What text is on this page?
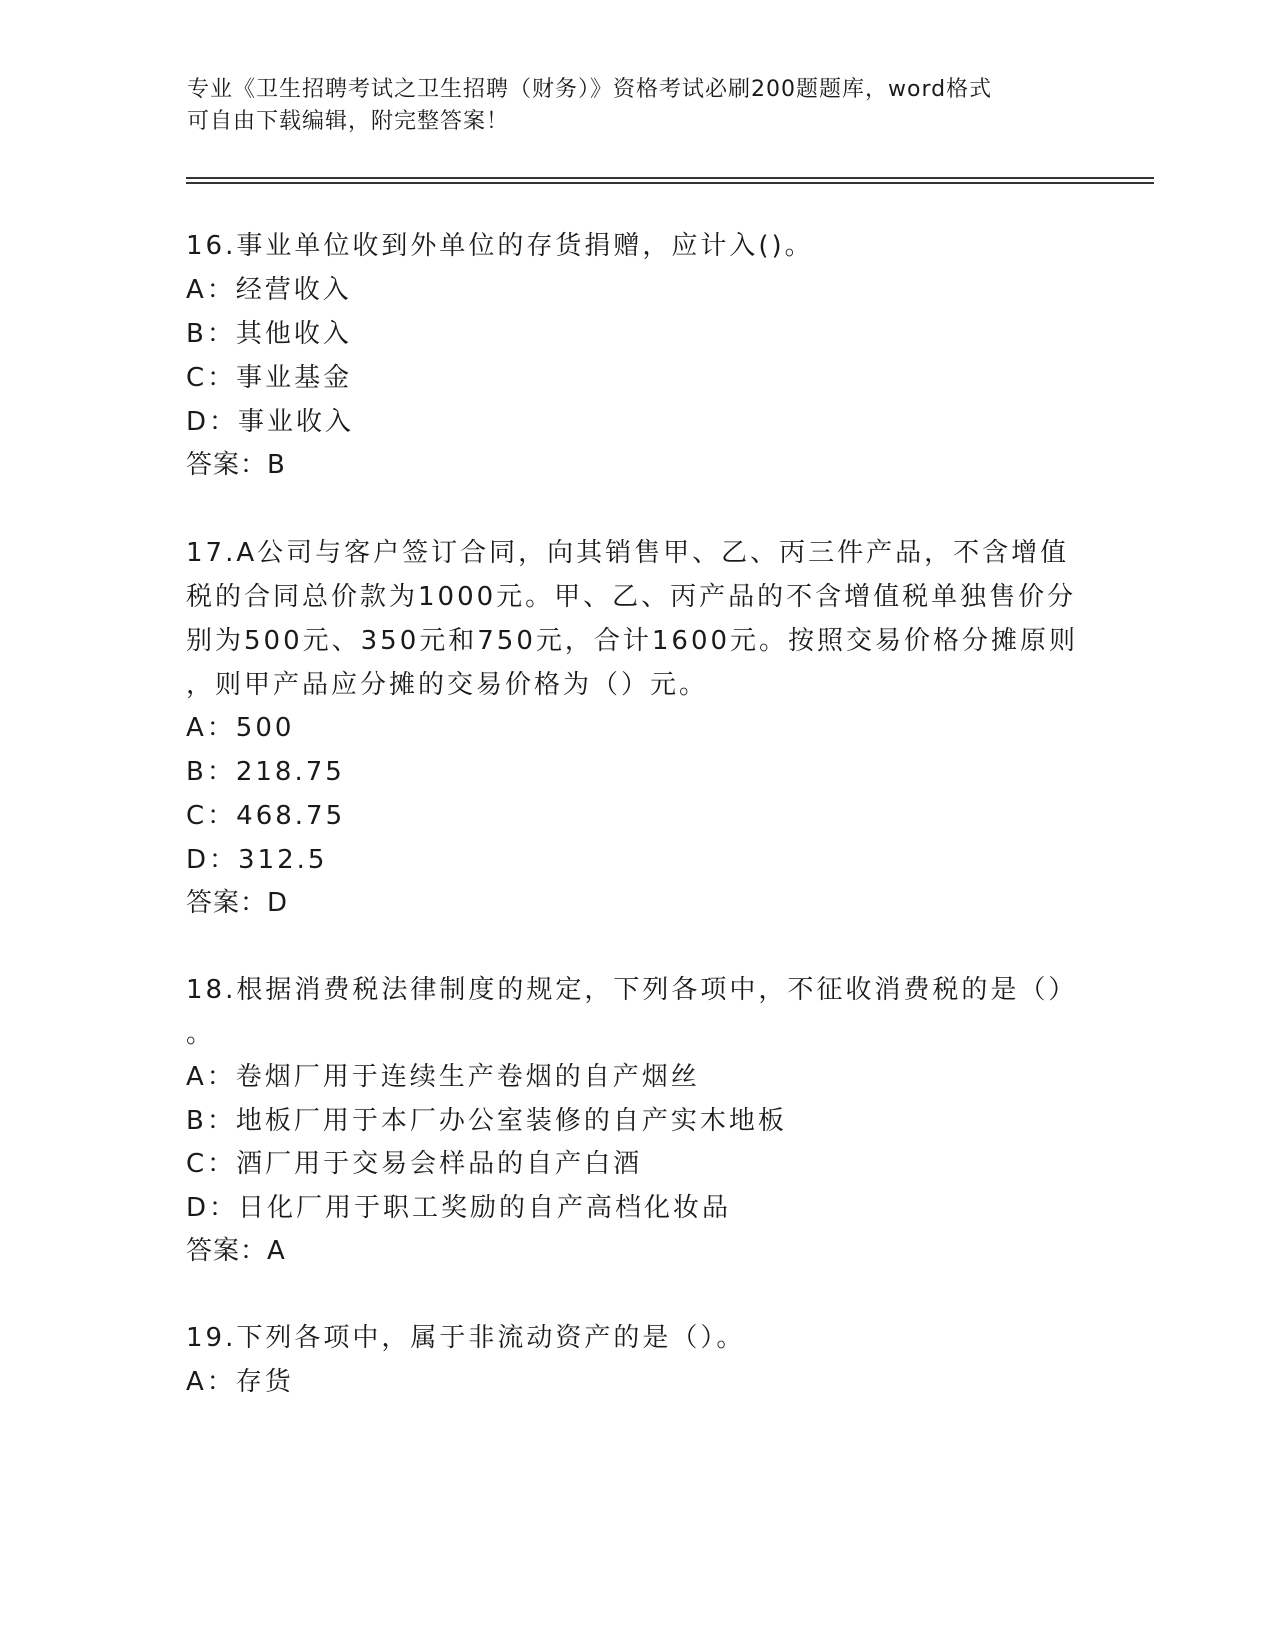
专业《卫生招聘考试之卫生招聘（财务）》资格考试必刷200题题库，word格式
可自由下载编辑，附完整答案！
16.事业单位收到外单位的存货捐赠，应计入()。
A：经营收入
B：其他收入
C：事业基金
D：事业收入
答案：B
17.A公司与客户签订合同，向其销售甲、乙、丙三件产品，不含增值
税的合同总价款为1000元。甲、乙、丙产品的不含增值税单独售价分
别为500元、350元和750元，合计1600元。按照交易价格分摊原则
，则甲产品应分摊的交易价格为（）元。
A：500
B：218.75
C：468.75
D：312.5
答案：D
18.根据消费税法律制度的规定，下列各项中，不征收消费税的是（）
。
A：卷烟厂用于连续生产卷烟的自产烟丝
B：地板厂用于本厂办公室装修的自产实木地板
C：酒厂用于交易会样品的自产白酒
D：日化厂用于职工奖励的自产高档化妆品
答案：A
19.下列各项中，属于非流动资产的是（）。
A：存货
